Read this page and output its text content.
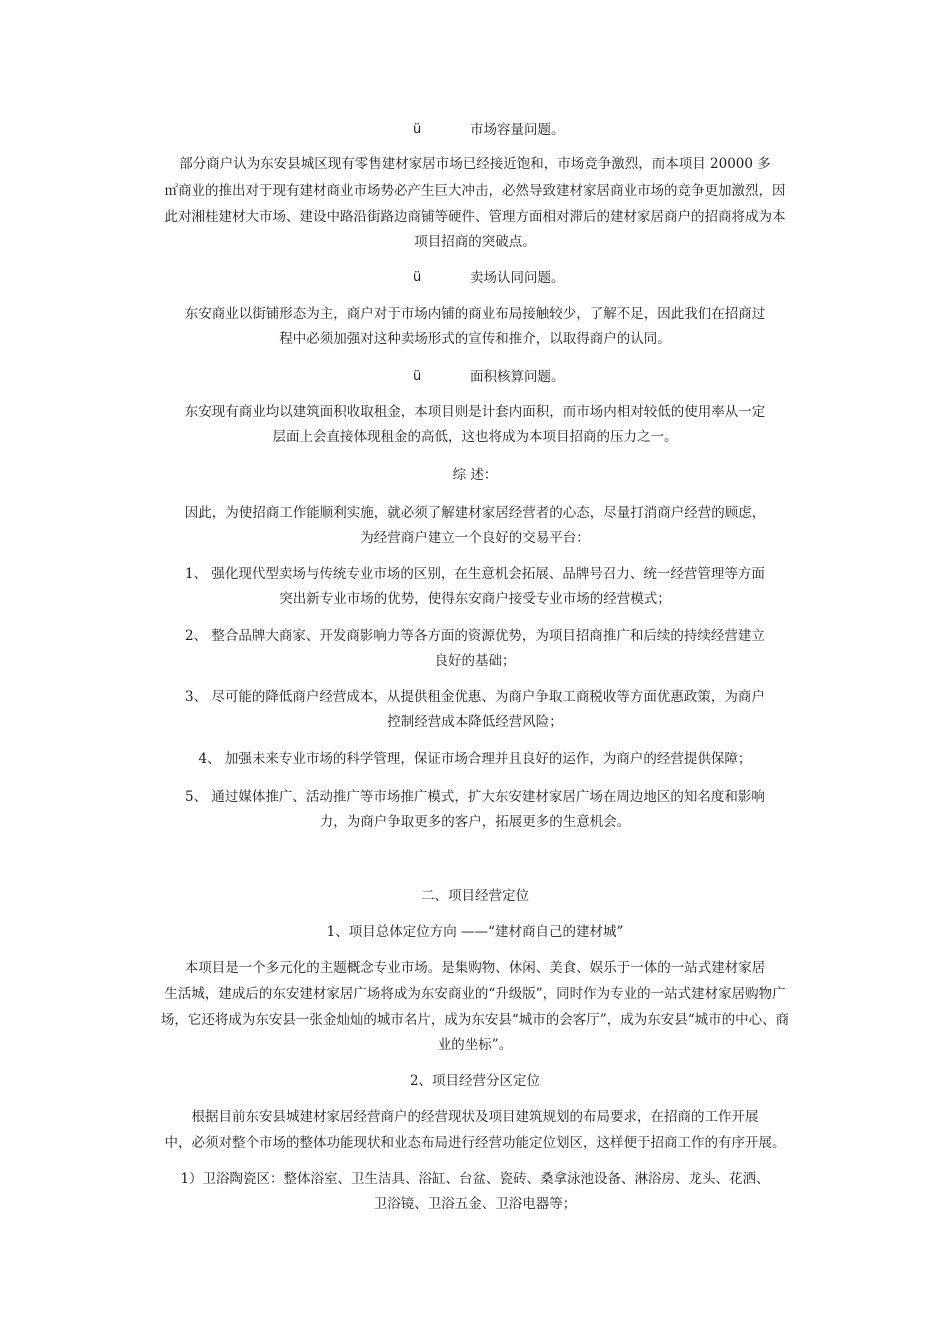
ü	市场容量问题。
部分商户认为东安县城区现有零售建材家居市场已经接近饱和，市场竞争激烈，而本项目 20000 多
㎡商业的推出对于现有建材商业市场势必产生巨大冲击，必然导致建材家居商业市场的竞争更加激烈，因
此对湘桂建材大市场、建设中路沿街路边商铺等硬件、管理方面相对滞后的建材家居商户的招商将成为本
项目招商的突破点。
ü	卖场认同问题。
东安商业以街铺形态为主，商户对于市场内铺的商业布局接触较少，了解不足，因此我们在招商过
程中必须加强对这种卖场形式的宣传和推介，以取得商户的认同。
ü	面积核算问题。
东安现有商业均以建筑面积收取租金，本项目则是计套内面积，而市场内相对较低的使用率从一定
层面上会直接体现租金的高低，这也将成为本项目招商的压力之一。
综 述：
因此，为使招商工作能顺利实施，就必须了解建材家居经营者的心态，尽量打消商户经营的顾虑，
为经营商户建立一个良好的交易平台：
1、 强化现代型卖场与传统专业市场的区别，在生意机会拓展、品牌号召力、统一经营管理等方面
突出新专业市场的优势，使得东安商户接受专业市场的经营模式；
2、 整合品牌大商家、开发商影响力等各方面的资源优势，为项目招商推广和后续的持续经营建立
良好的基础；
3、 尽可能的降低商户经营成本，从提供租金优惠、为商户争取工商税收等方面优惠政策，为商户
控制经营成本降低经营风险；
4、 加强未来专业市场的科学管理，保证市场合理并且良好的运作，为商户的经营提供保障；
5、 通过媒体推广、活动推广等市场推广模式，扩大东安建材家居广场在周边地区的知名度和影响
力，为商户争取更多的客户，拓展更多的生意机会。
二、项目经营定位
1、项目总体定位方向 ——“建材商自己的建材城”
本项目是一个多元化的主题概念专业市场。是集购物、休闲、美食、娱乐于一体的一站式建材家居
生活城，建成后的东安建材家居广场将成为东安商业的“升级版”，同时作为专业的一站式建材家居购物广
场，它还将成为东安县一张金灿灿的城市名片，成为东安县“城市的会客厅”，成为东安县“城市的中心、商
业的坐标”。
2、项目经营分区定位
根据目前东安县城建材家居经营商户的经营现状及项目建筑规划的布局要求，在招商的工作开展
中，必须对整个市场的整体功能现状和业态布局进行经营功能定位划区，这样便于招商工作的有序开展。
1）卫浴陶瓷区：整体浴室、卫生洁具、浴缸、台盆、瓷砖、桑拿泳池设备、淋浴房、龙头、花洒、
卫浴镜、卫浴五金、卫浴电器等；
